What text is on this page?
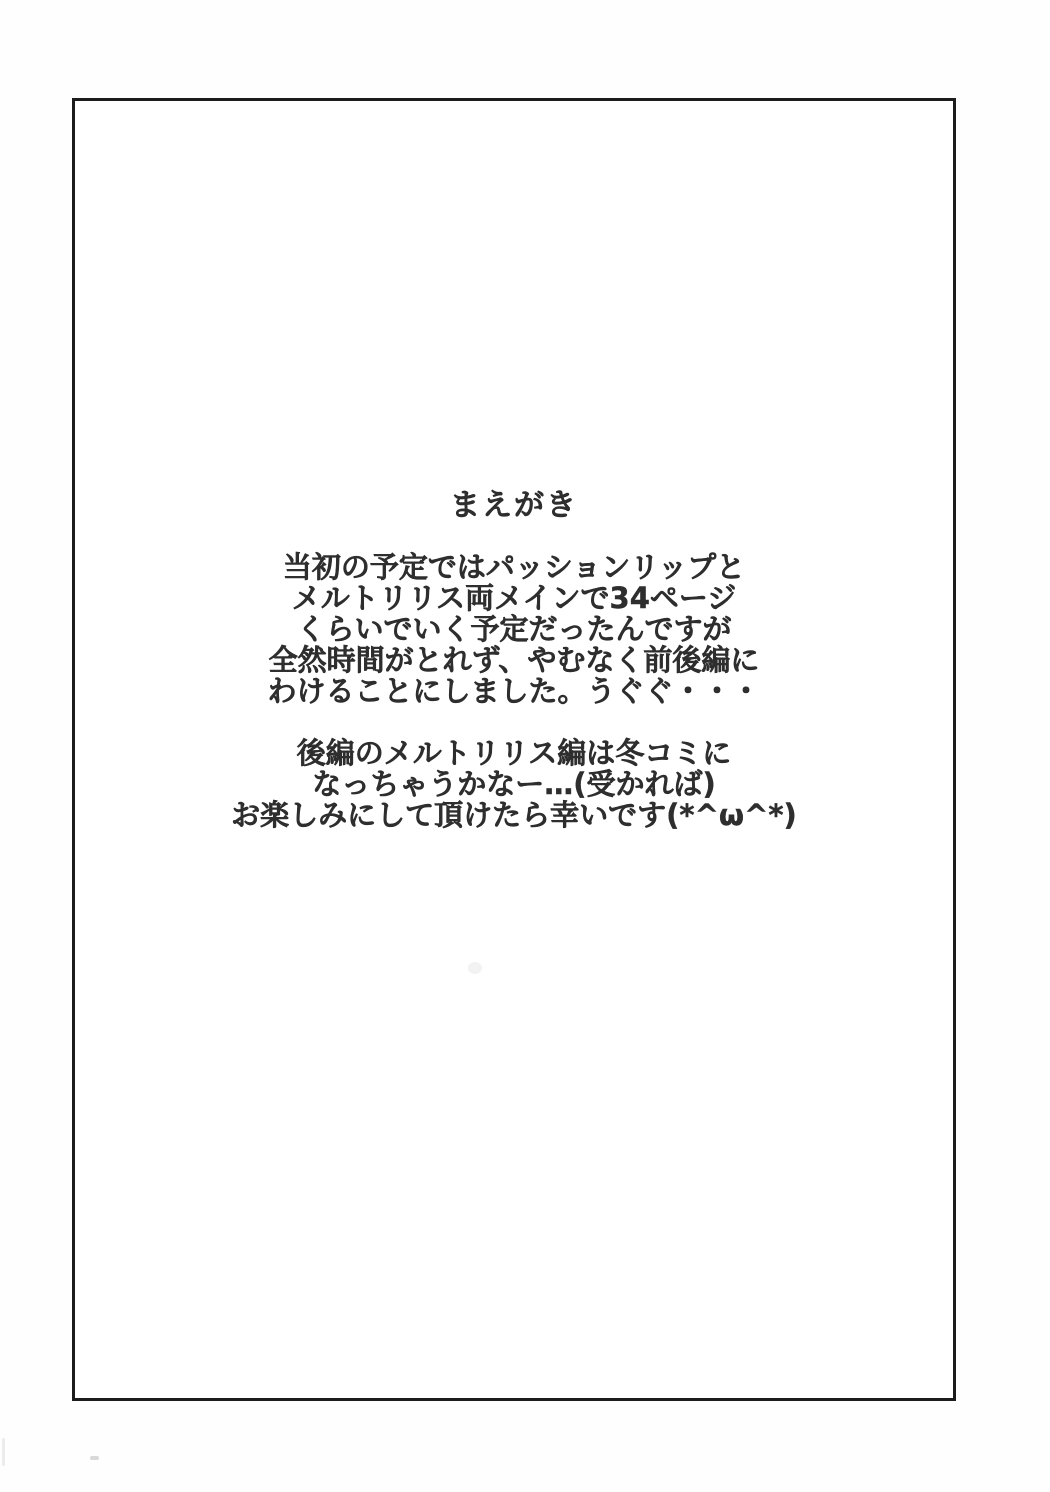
まえがき
当初の予定ではパッションリップと
メルトリリス両メインで34ページ
くらいでいく予定だったんですが
全然時間がとれず、やむなく前後編に
わけることにしました。うぐぐ・・・
後編のメルトリリス編は冬コミに
なっちゃうかなー…(受かれば)
お楽しみにして頂けたら幸いです(*^ω^*)
